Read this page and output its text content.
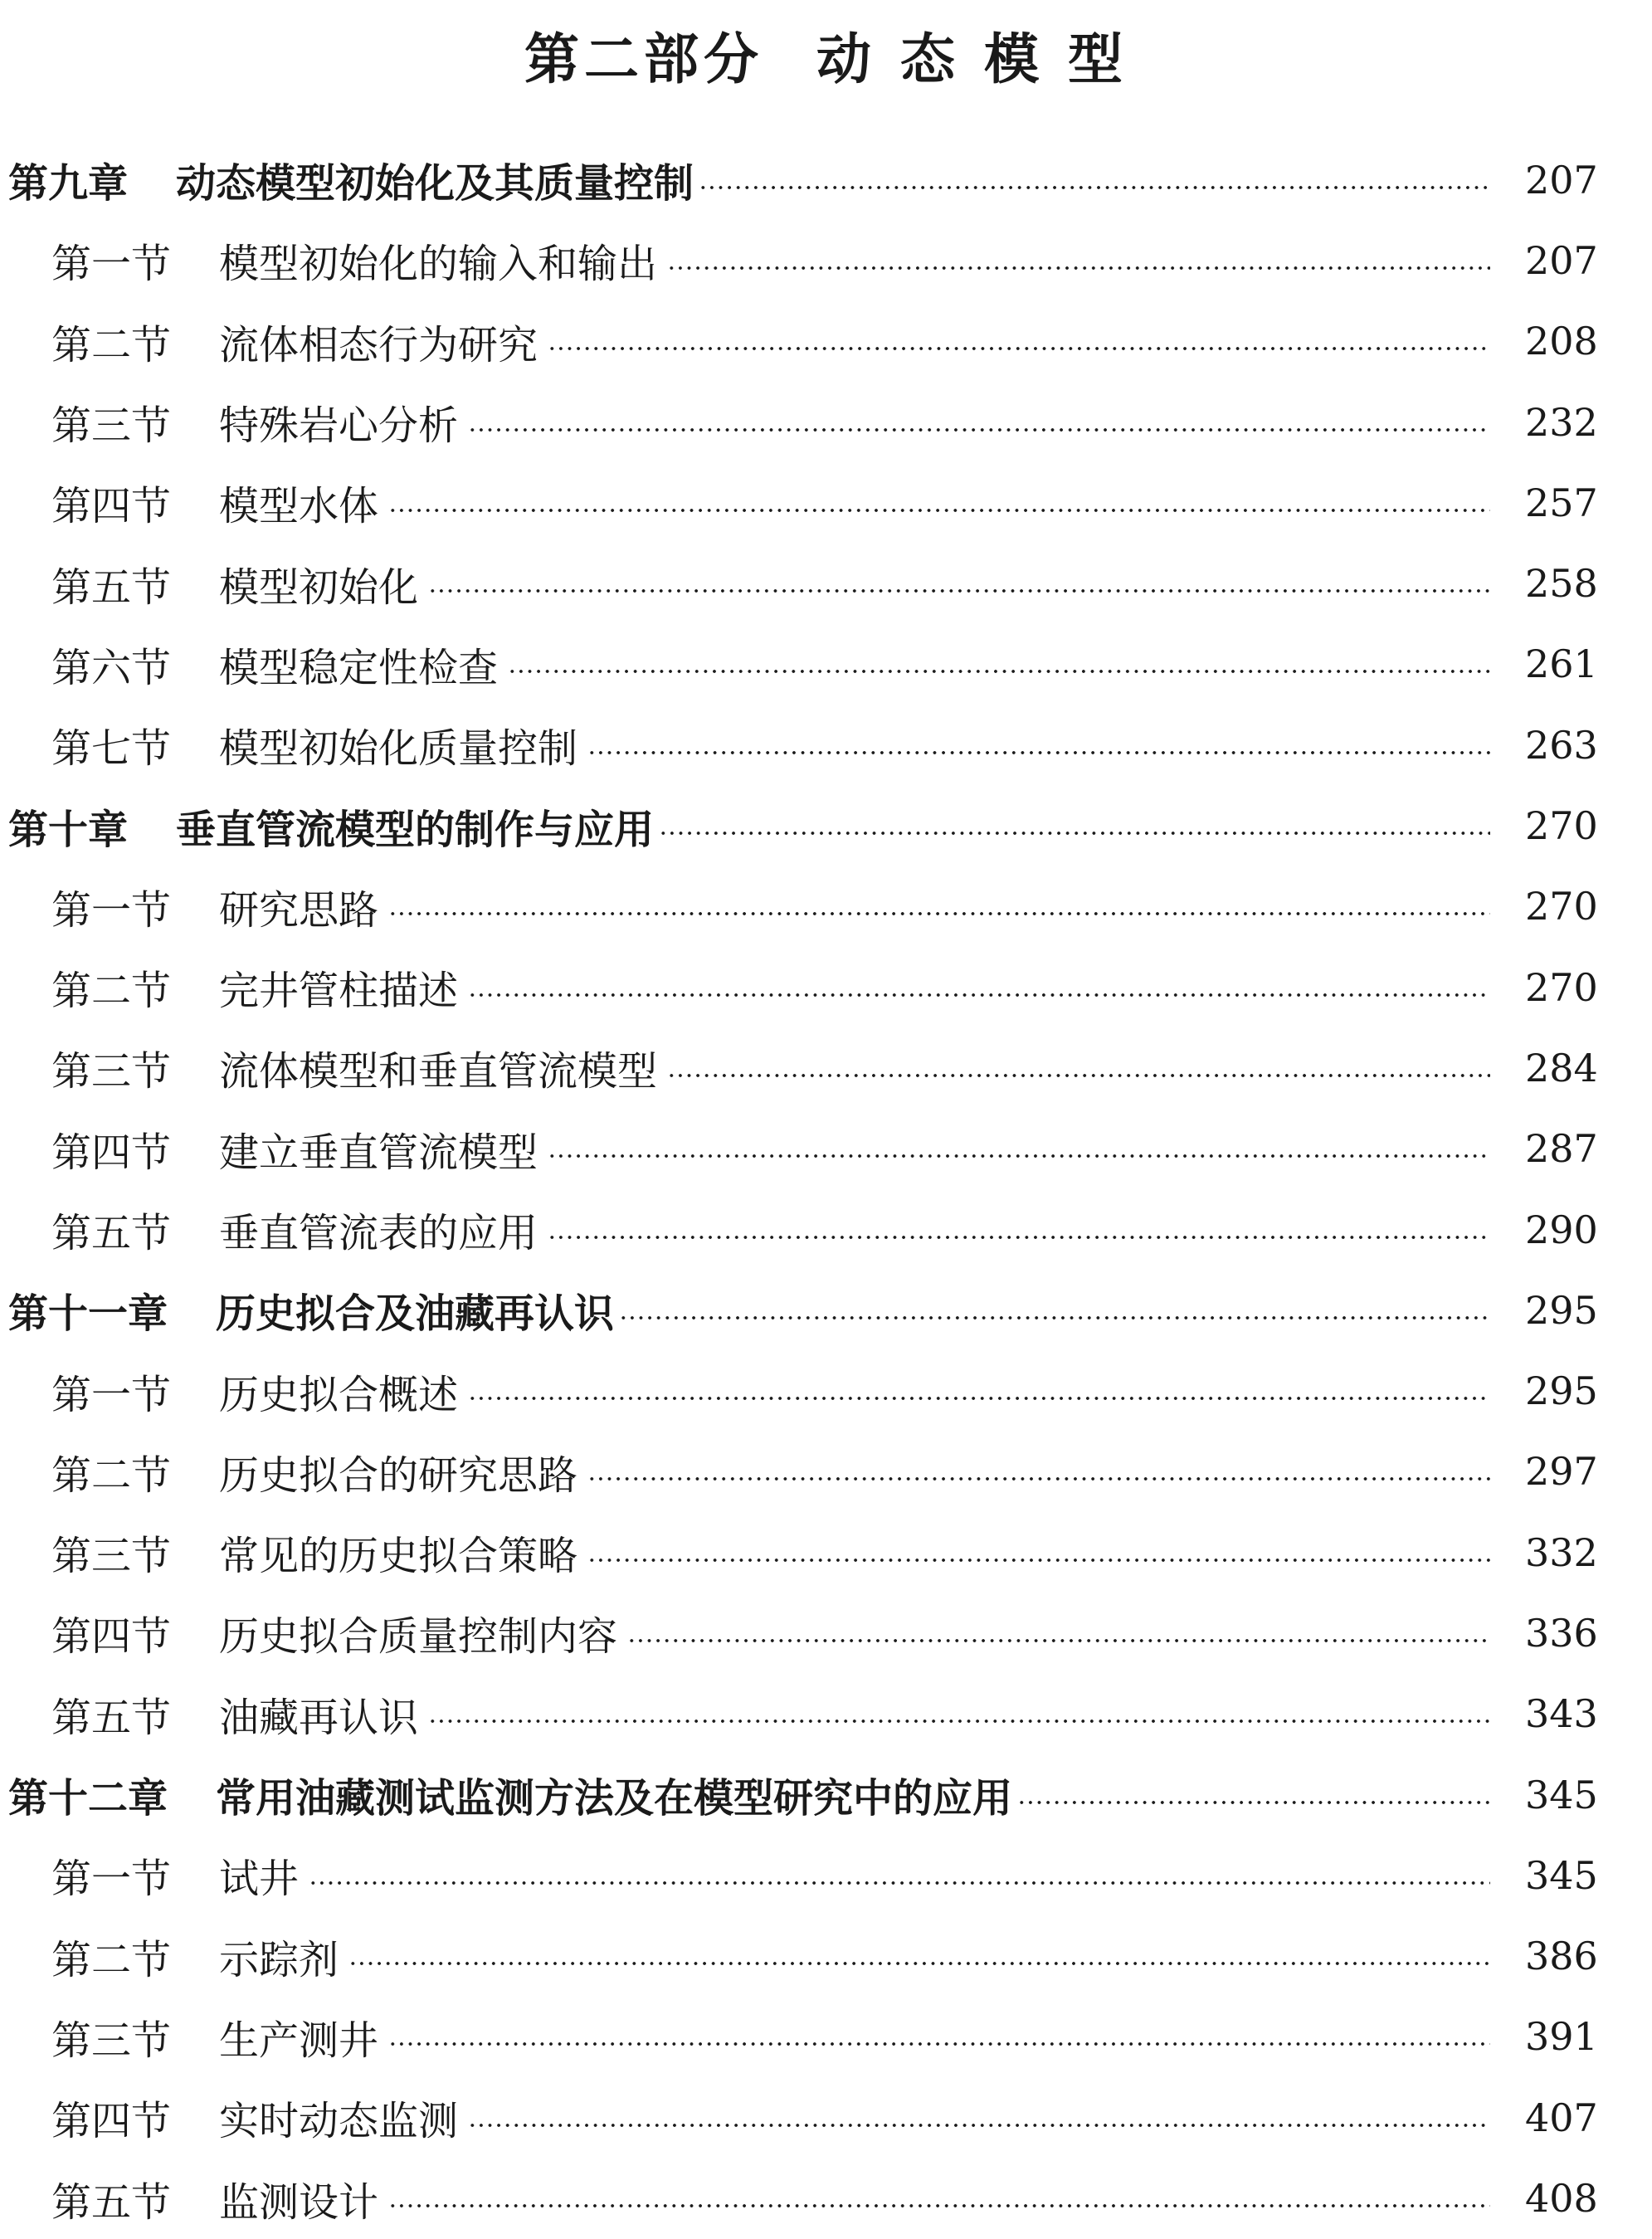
第二部分 动 态 模 型
第九章 动态模型初始化及其质量控制	207
第一节 模型初始化的输入和输出	207
第二节 流体相态行为研究	208
第三节 特殊岩心分析	232
第四节 模型水体	257
第五节 模型初始化	258
第六节 模型稳定性检查	261
第七节 模型初始化质量控制	263
第十章 垂直管流模型的制作与应用	270
第一节 研究思路	270
第二节 完井管柱描述	270
第三节 流体模型和垂直管流模型	284
第四节 建立垂直管流模型	287
第五节 垂直管流表的应用	290
第十一章 历史拟合及油藏再认识	295
第一节 历史拟合概述	295
第二节 历史拟合的研究思路	297
第三节 常见的历史拟合策略	332
第四节 历史拟合质量控制内容	336
第五节 油藏再认识	343
第十二章 常用油藏测试监测方法及在模型研究中的应用	345
第一节 试井	345
第二节 示踪剂	386
第三节 生产测井	391
第四节 实时动态监测	407
第五节 监测设计	408
